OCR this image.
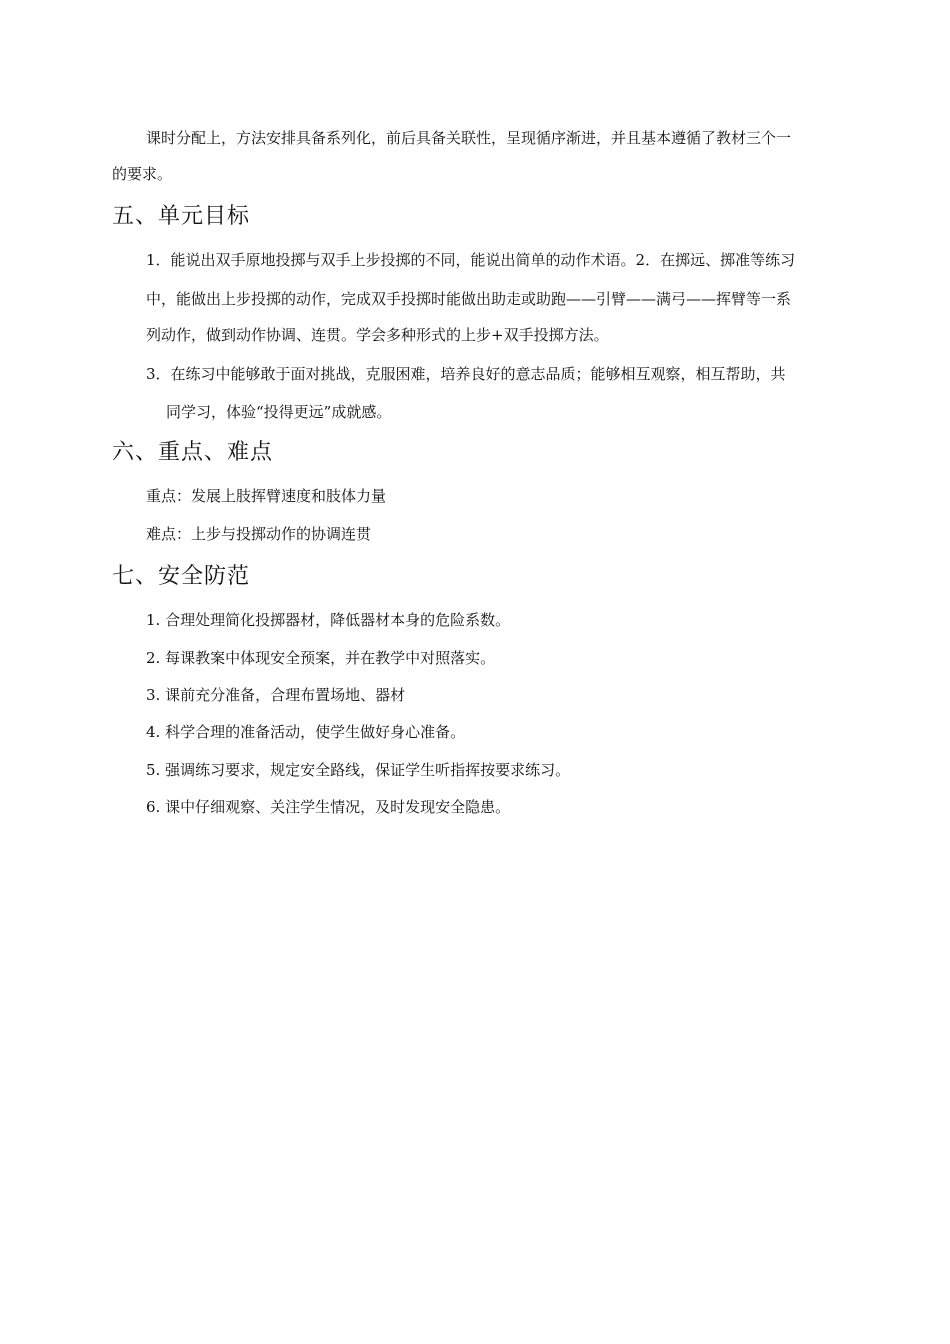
课时分配上，方法安排具备系列化，前后具备关联性，呈现循序渐进，并且基本遵循了教材三个一
的要求。
五、单元目标
1．能说出双手原地投掷与双手上步投掷的不同，能说出简单的动作术语。2．在掷远、掷准等练习
中，能做出上步投掷的动作，完成双手投掷时能做出助走或助跑——引臂——满弓——挥臂等一系
列动作，做到动作协调、连贯。学会多种形式的上步+双手投掷方法。
3．在练习中能够敢于面对挑战，克服困难，培养良好的意志品质；能够相互观察，相互帮助，共
同学习，体验“投得更远”成就感。
六、重点、难点
重点：发展上肢挥臂速度和肢体力量
难点：上步与投掷动作的协调连贯
七、安全防范
1. 合理处理简化投掷器材，降低器材本身的危险系数。
2. 每课教案中体现安全预案，并在教学中对照落实。
3. 课前充分准备，合理布置场地、器材
4. 科学合理的准备活动，使学生做好身心准备。
5. 强调练习要求，规定安全路线，保证学生听指挥按要求练习。
6. 课中仔细观察、关注学生情况，及时发现安全隐患。
